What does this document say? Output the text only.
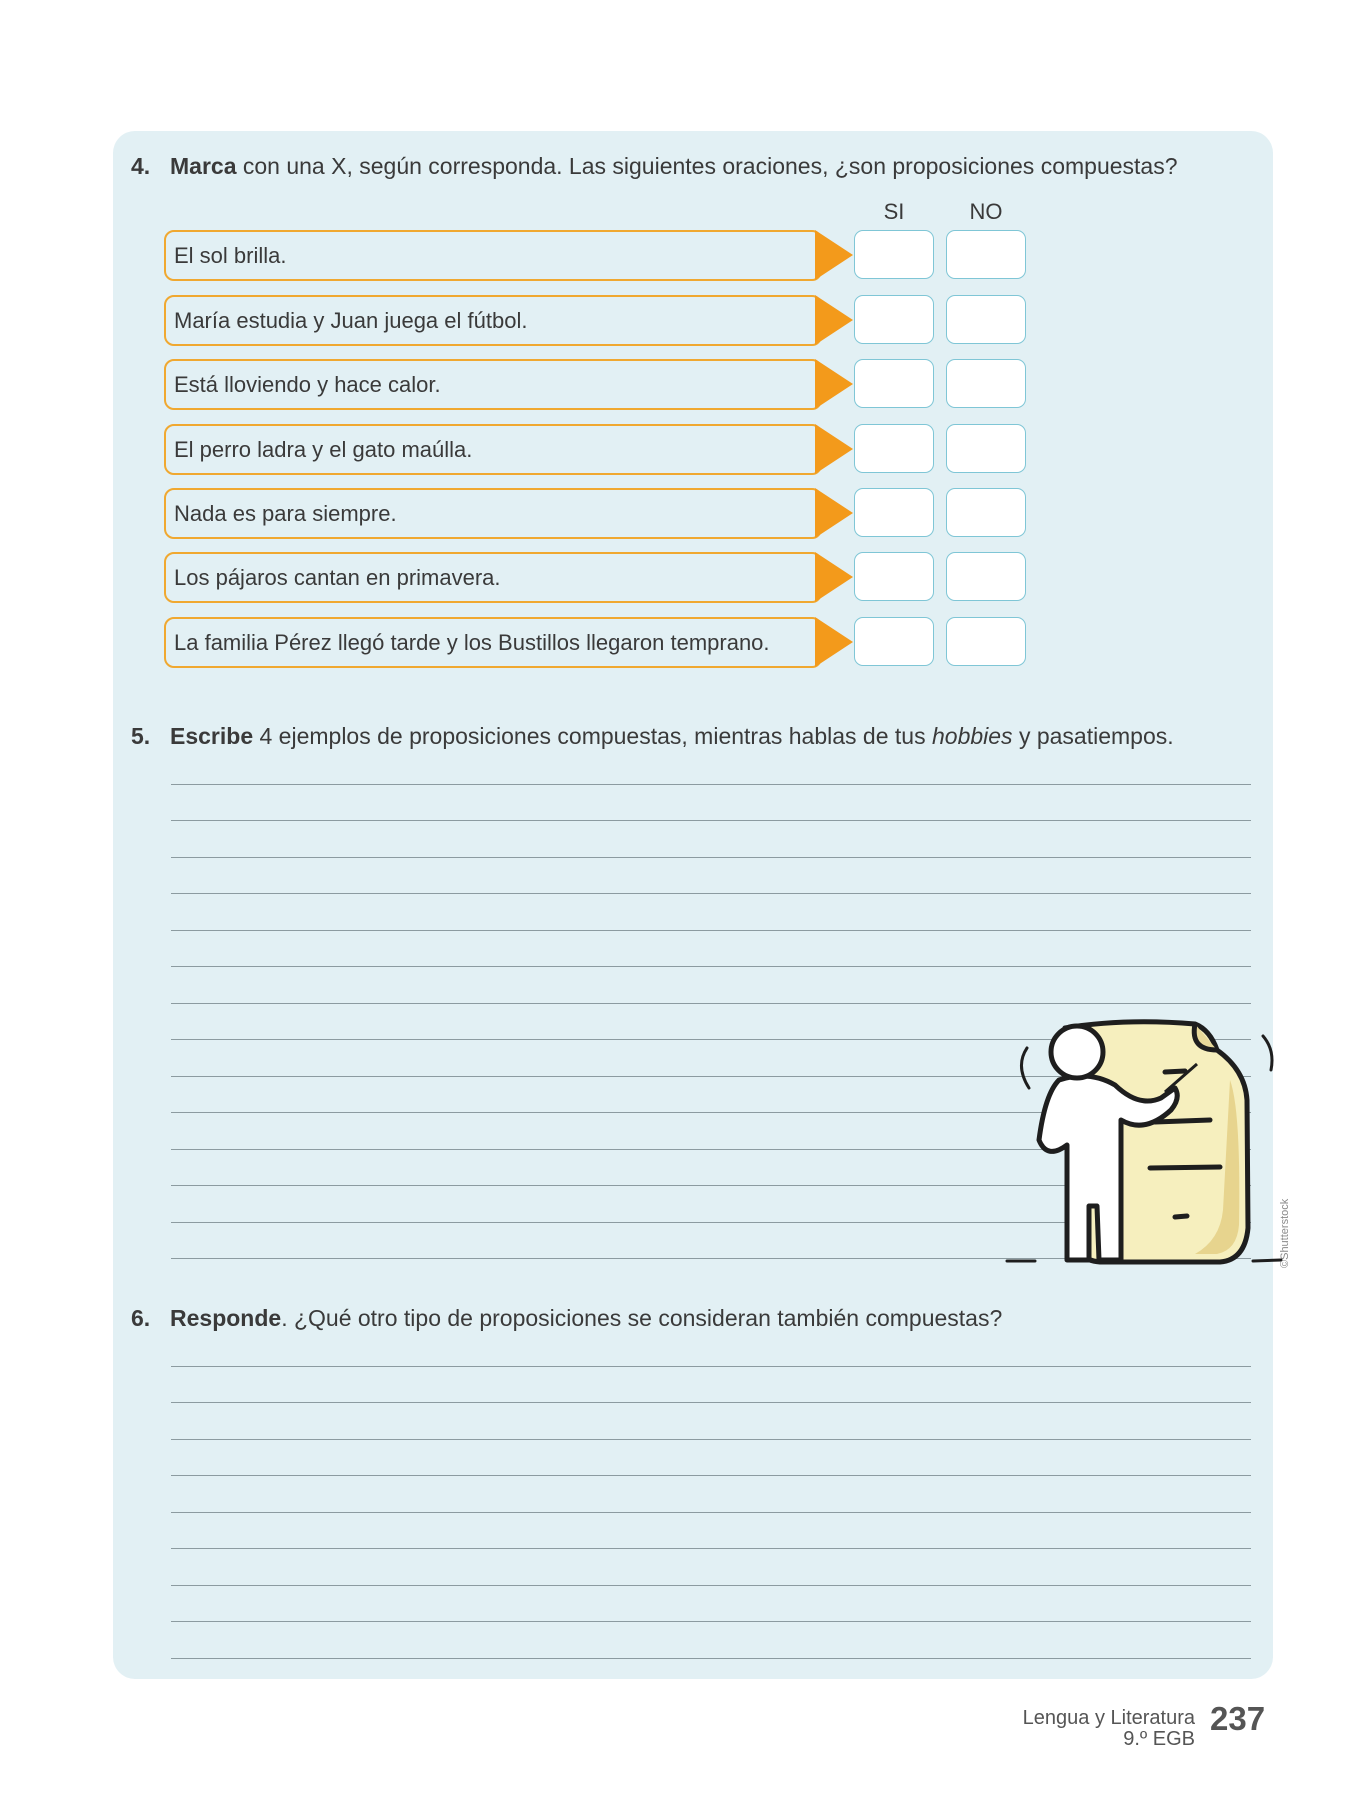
4. Marca con una X, según corresponda. Las siguientes oraciones, ¿son proposiciones compuestas?
SI	NO
El sol brilla.
María estudia y Juan juega el fútbol.
Está lloviendo y hace calor.
El perro ladra y el gato maúlla.
Nada es para siempre.
Los pájaros cantan en primavera.
La familia Pérez llegó tarde y los Bustillos llegaron temprano.
5. Escribe 4 ejemplos de proposiciones compuestas, mientras hablas de tus hobbies y pasatiempos.
©Shutterstock
6. Responde. ¿Qué otro tipo de proposiciones se consideran también compuestas?
Lengua y Literatura
9.º EGB
237
